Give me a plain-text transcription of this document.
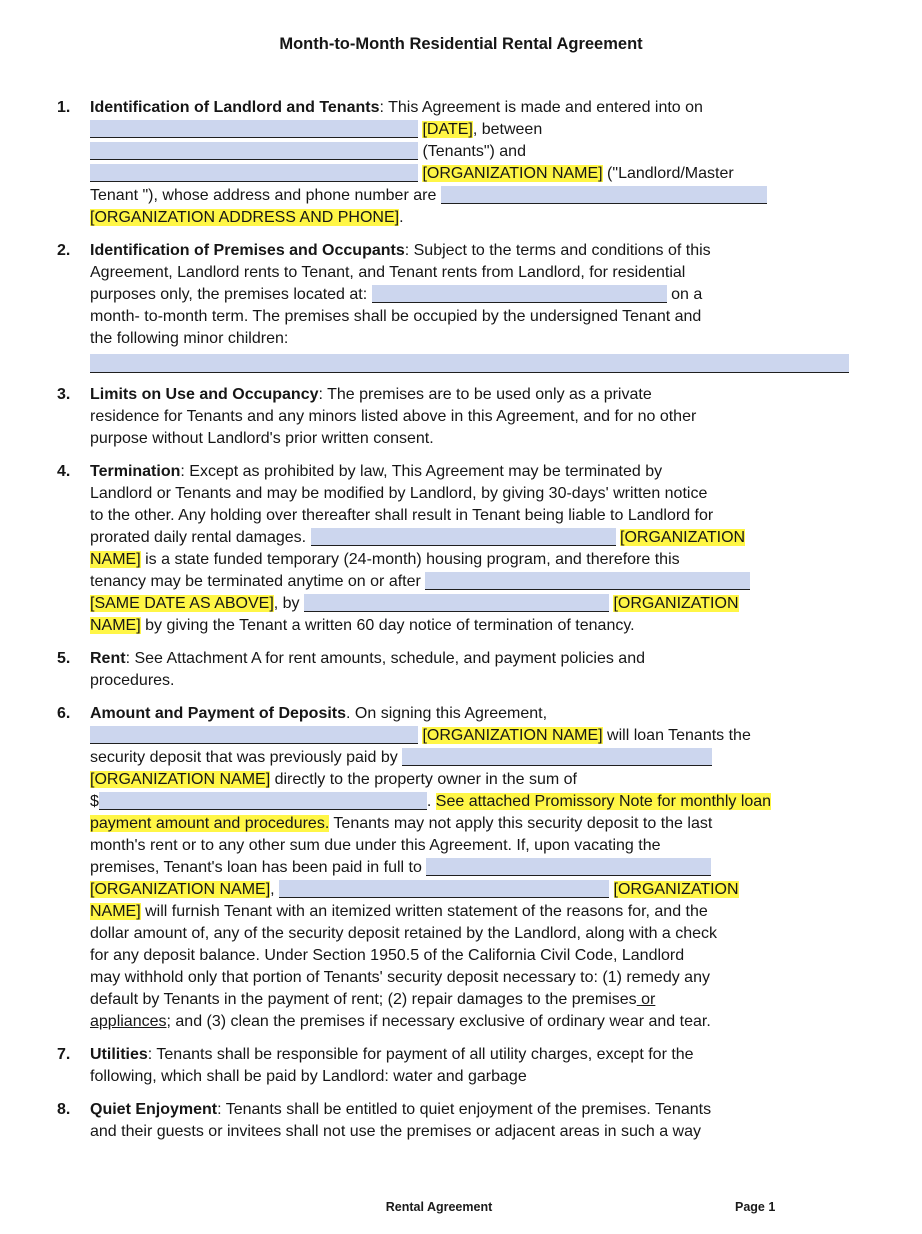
Month-to-Month Residential Rental Agreement
1.	Identification of Landlord and Tenants: This Agreement is made and entered into on
[DATE], between
(Tenants") and
[ORGANIZATION NAME] ("Landlord/Master
Tenant "), whose address and phone number are
[ORGANIZATION ADDRESS AND PHONE].
2.	Identification of Premises and Occupants: Subject to the terms and conditions of this
Agreement, Landlord rents to Tenant, and Tenant rents from Landlord, for residential
purposes only, the premises located at:	on a
month- to-month term. The premises shall be occupied by the undersigned Tenant and
the following minor children:
3.	Limits on Use and Occupancy: The premises are to be used only as a private
residence for Tenants and any minors listed above in this Agreement, and for no other
purpose without Landlord's prior written consent.
4.	Termination: Except as prohibited by law, This Agreement may be terminated by
Landlord or Tenants and may be modified by Landlord, by giving 30-days' written notice
to the other. Any holding over thereafter shall result in Tenant being liable to Landlord for
prorated daily rental damages.	[ORGANIZATION
NAME] is a state funded temporary (24-month) housing program, and therefore this
tenancy may be terminated anytime on or after
[SAME DATE AS ABOVE], by	[ORGANIZATION
NAME] by giving the Tenant a written 60 day notice of termination of tenancy.
5.	Rent: See Attachment A for rent amounts, schedule, and payment policies and
procedures.
6.	Amount and Payment of Deposits. On signing this Agreement,
[ORGANIZATION NAME] will loan Tenants the
security deposit that was previously paid by
[ORGANIZATION NAME] directly to the property owner in the sum of
$	. See attached Promissory Note for monthly loan
payment amount and procedures. Tenants may not apply this security deposit to the last
month's rent or to any other sum due under this Agreement. If, upon vacating the
premises, Tenant's loan has been paid in full to
[ORGANIZATION NAME],	[ORGANIZATION
NAME] will furnish Tenant with an itemized written statement of the reasons for, and the
dollar amount of, any of the security deposit retained by the Landlord, along with a check
for any deposit balance. Under Section 1950.5 of the California Civil Code, Landlord
may withhold only that portion of Tenants' security deposit necessary to: (1) remedy any
default by Tenants in the payment of rent; (2) repair damages to the premises or
appliances; and (3) clean the premises if necessary exclusive of ordinary wear and tear.
7.	Utilities: Tenants shall be responsible for payment of all utility charges, except for the
following, which shall be paid by Landlord: water and garbage
8.	Quiet Enjoyment: Tenants shall be entitled to quiet enjoyment of the premises. Tenants
and their guests or invitees shall not use the premises or adjacent areas in such a way
Rental Agreement	Page 1
